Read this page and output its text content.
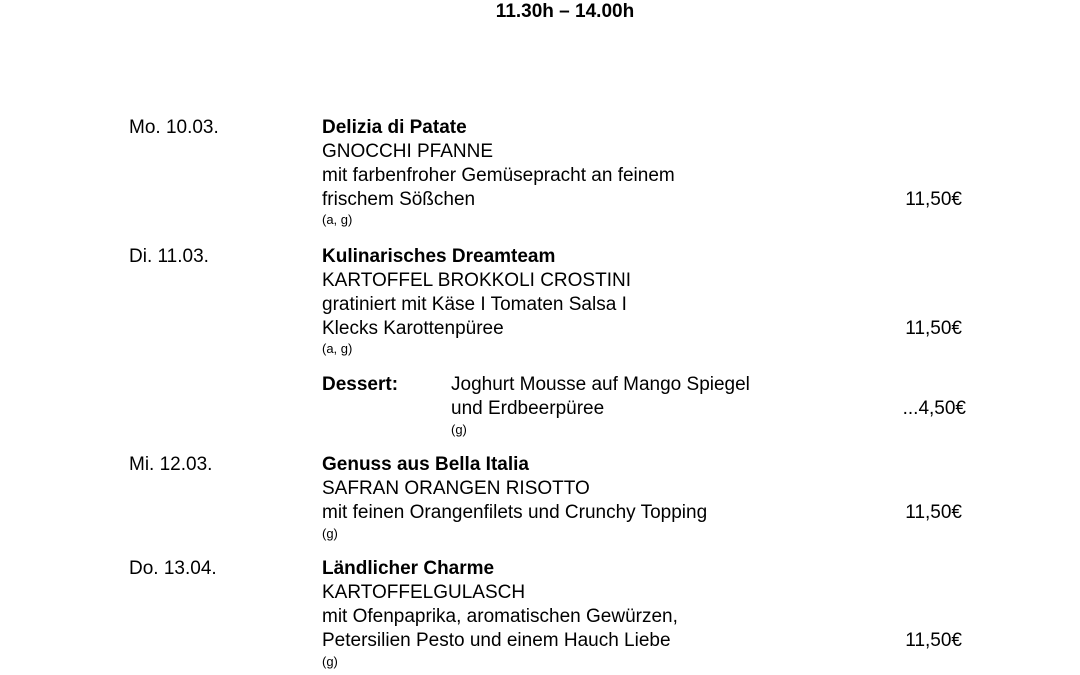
11.30h – 14.00h
Mo. 10.03.	Delizia di Patate
GNOCCHI PFANNE
mit farbenfroher Gemüsepracht an feinem
frischem Sößchen	11,50€
(a, g)
Di. 11.03.	Kulinarisches Dreamteam
KARTOFFEL BROKKOLI CROSTINI
gratiniert mit Käse I Tomaten Salsa I
Klecks Karottenpüree	11,50€
(a, g)
Dessert:	Joghurt Mousse auf Mango Spiegel
und Erdbeerpüree	...4,50€
(g)
Mi. 12.03.	Genuss aus Bella Italia
SAFRAN ORANGEN RISOTTO
mit feinen Orangenfilets und Crunchy Topping	11,50€
(g)
Do. 13.04.	Ländlicher Charme
KARTOFFELGULASCH
mit Ofenpaprika, aromatischen Gewürzen,
Petersilien Pesto und einem Hauch Liebe	11,50€
(g)
